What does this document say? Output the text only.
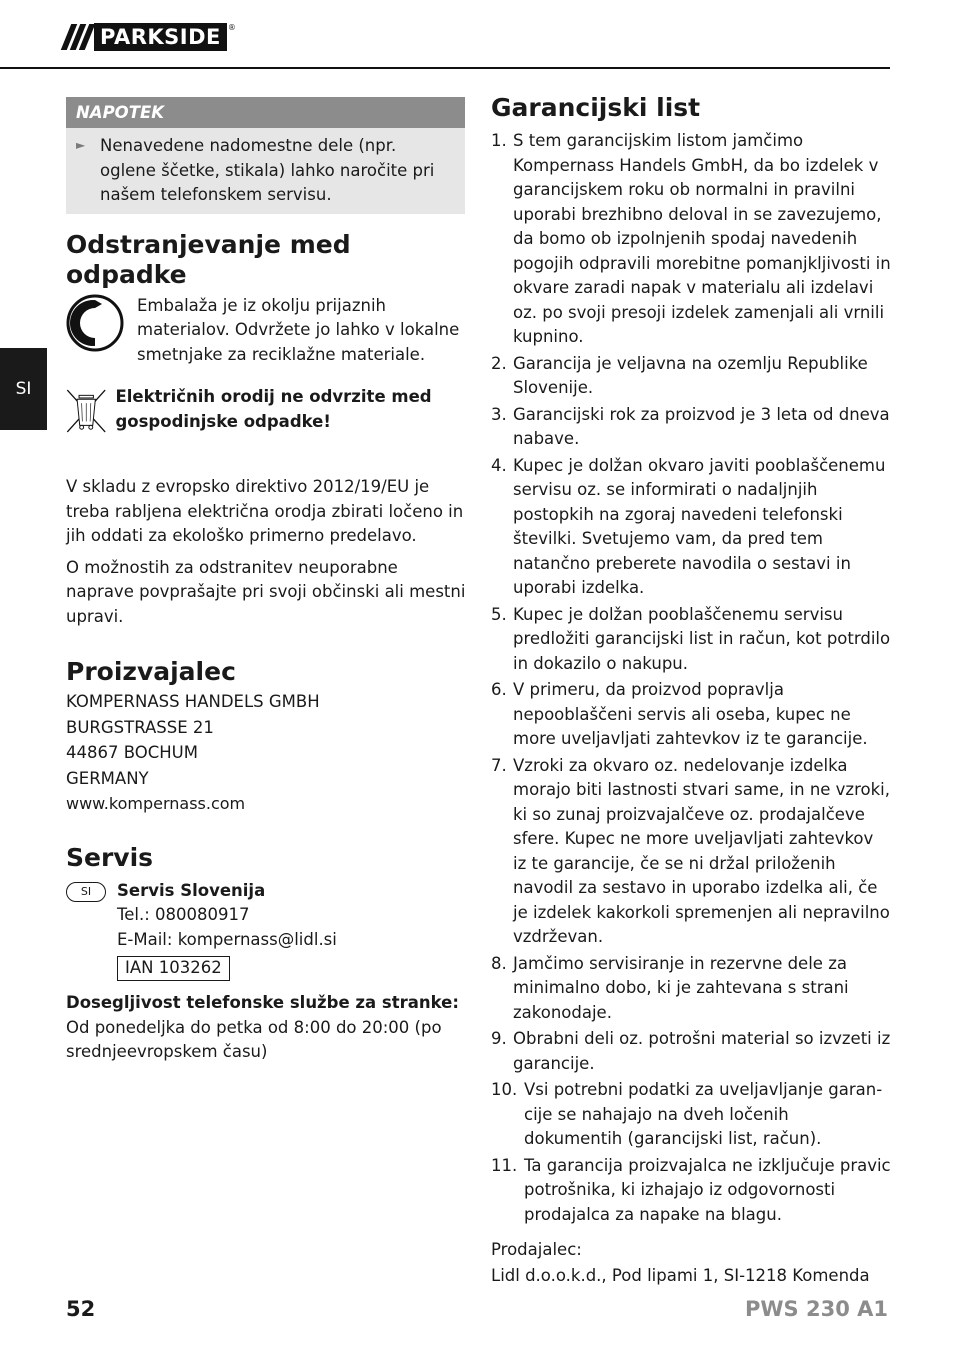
PARKSIDE ®
SI
NAPOTEK
► Nenavedene nadomestne dele (npr. oglene ščetke, stikala) lahko naročite pri našem telefonskem servisu.

Odstranjevanje med odpadke

Embalaža je iz okolju prijaznih materialov. Odvržete jo lahko v lokalne smetnjake za reciklažne materiale.

Električnih orodij ne odvrzite med gospodinjske odpadke!

V skladu z evropsko direktivo 2012/19/EU je treba rabljena električna orodja zbirati ločeno in jih oddati za ekološko primerno predelavo.

O možnostih za odstranitev neuporabne naprave povprašajte pri svoji občinski ali mestni upravi.

Proizvajalec
KOMPERNASS HANDELS GMBH
BURGSTRASSE 21
44867 BOCHUM
GERMANY
www.kompernass.com
Servis
SI	Servis Slovenija
Tel.: 080080917
E-Mail: kompernass@lidl.si
IAN 103262

Dosegljivost telefonske službe za stranke:

Od ponedeljka do petka od 8:00 do 20:00 (po srednjeevropskem času)

Garancijski list
1. S tem garancijskim listom jamčimo Kompernass Handels GmbH, da bo izdelek v garancijskem roku ob normalni in pravilni uporabi brezhibno deloval in se zavezujemo, da bomo ob izpolnjenih spodaj navedenih pogojih odpravili morebitne pomanjkljivosti in okvare zaradi napak v materialu ali izdelavi oz. po svoji presoji izdelek zamenjali ali vrnili kupnino.
2. Garancija je veljavna na ozemlju Republike Slovenije.
3. Garancijski rok za proizvod je 3 leta od dneva nabave.
4. Kupec je dolžan okvaro javiti pooblaščenemu servisu oz. se informirati o nadaljnjih postopkih na zgoraj navedeni telefonski številki. Svetujemo vam, da pred tem natančno preberete navodila o sestavi in uporabi izdelka.
5. Kupec je dolžan pooblaščenemu servisu predložiti garancijski list in račun, kot potrdilo in dokazilo o nakupu.
6. V primeru, da proizvod popravlja nepooblaščeni servis ali oseba, kupec ne more uveljavljati zahtevkov iz te garancije.
7. Vzroki za okvaro oz. nedelovanje izdelka morajo biti lastnosti stvari same, in ne vzroki, ki so zunaj proizvajalčeve oz. prodajalčeve sfere. Kupec ne more uveljavljati zahtevkov iz te garancije, če se ni držal priloženih navodil za sestavo in uporabo izdelka ali, če je izdelek kakorkoli spremenjen ali nepravilno vzdrževan.
8. Jamčimo servisiranje in rezervne dele za minimalno dobo, ki je zahtevana s strani zakonodaje.
9. Obrabni deli oz. potrošni material so izvzeti iz garancije.
10. Vsi potrebni podatki za uveljavljanje garancije se nahajajo na dveh ločenih dokumentih (garancijski list, račun).
11. Ta garancija proizvajalca ne izključuje pravic potrošnika, ki izhajajo iz odgovornosti prodajalca za napake na blagu.

Prodajalec:

Lidl d.o.o.k.d., Pod lipami 1, SI-1218 Komenda

52	PWS 230 A1
